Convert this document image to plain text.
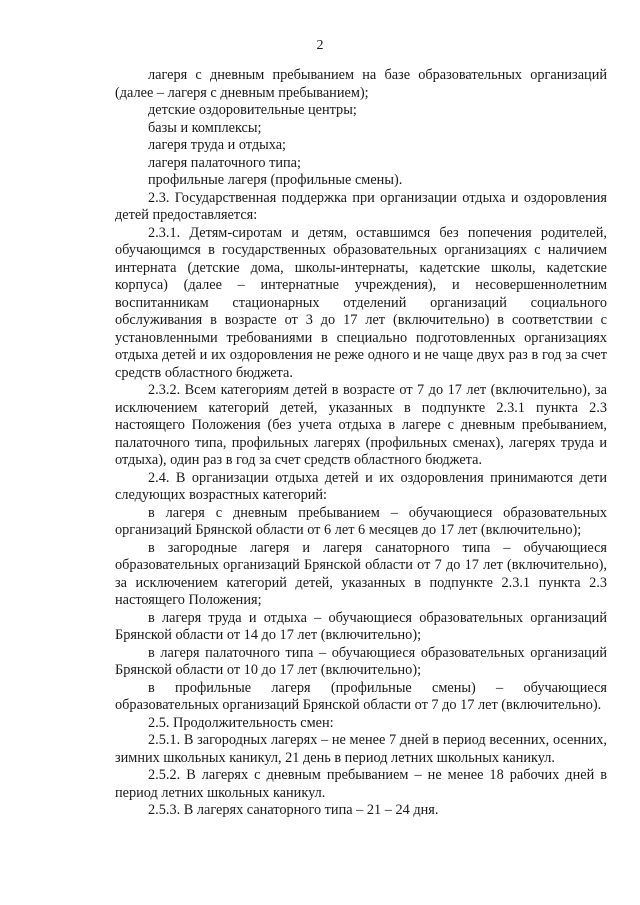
2

лагеря с дневным пребыванием на базе образовательных организаций (далее – лагеря с дневным пребыванием);

детские оздоровительные центры;

базы и комплексы;

лагеря труда и отдыха;

лагеря палаточного типа;

профильные лагеря (профильные смены).

2.3. Государственная поддержка при организации отдыха и оздоровления детей предоставляется:

2.3.1. Детям-сиротам и детям, оставшимся без попечения родителей, обучающимся в государственных образовательных организациях с наличием интерната (детские дома, школы-интернаты, кадетские школы, кадетские корпуса) (далее – интернатные учреждения), и несовершеннолетним воспитанникам стационарных отделений организаций социального обслуживания в возрасте от 3 до 17 лет (включительно) в соответствии с установленными требованиями в специально подготовленных организациях отдыха детей и их оздоровления не реже одного и не чаще двух раз в год за счет средств областного бюджета.

2.3.2. Всем категориям детей в возрасте от 7 до 17 лет (включительно), за исключением категорий детей, указанных в подпункте 2.3.1 пункта 2.3 настоящего Положения (без учета отдыха в лагере с дневным пребыванием, палаточного типа, профильных лагерях (профильных сменах), лагерях труда и отдыха), один раз в год за счет средств областного бюджета.

2.4. В организации отдыха детей и их оздоровления принимаются дети следующих возрастных категорий:

в лагеря с дневным пребыванием – обучающиеся образовательных организаций Брянской области от 6 лет 6 месяцев до 17 лет (включительно);

в загородные лагеря и лагеря санаторного типа – обучающиеся образовательных организаций Брянской области от 7 до 17 лет (включительно), за исключением категорий детей, указанных в подпункте 2.3.1 пункта 2.3 настоящего Положения;

в лагеря труда и отдыха – обучающиеся образовательных организаций Брянской области от 14 до 17 лет (включительно);

в лагеря палаточного типа – обучающиеся образовательных организаций Брянской области от 10 до 17 лет (включительно);

в профильные лагеря (профильные смены) – обучающиеся образовательных организаций Брянской области от 7 до 17 лет (включительно).

2.5. Продолжительность смен:

2.5.1. В загородных лагерях – не менее 7 дней в период весенних, осенних, зимних школьных каникул, 21 день в период летних школьных каникул.

2.5.2. В лагерях с дневным пребыванием – не менее 18 рабочих дней в период летних школьных каникул.

2.5.3. В лагерях санаторного типа – 21 – 24 дня.
